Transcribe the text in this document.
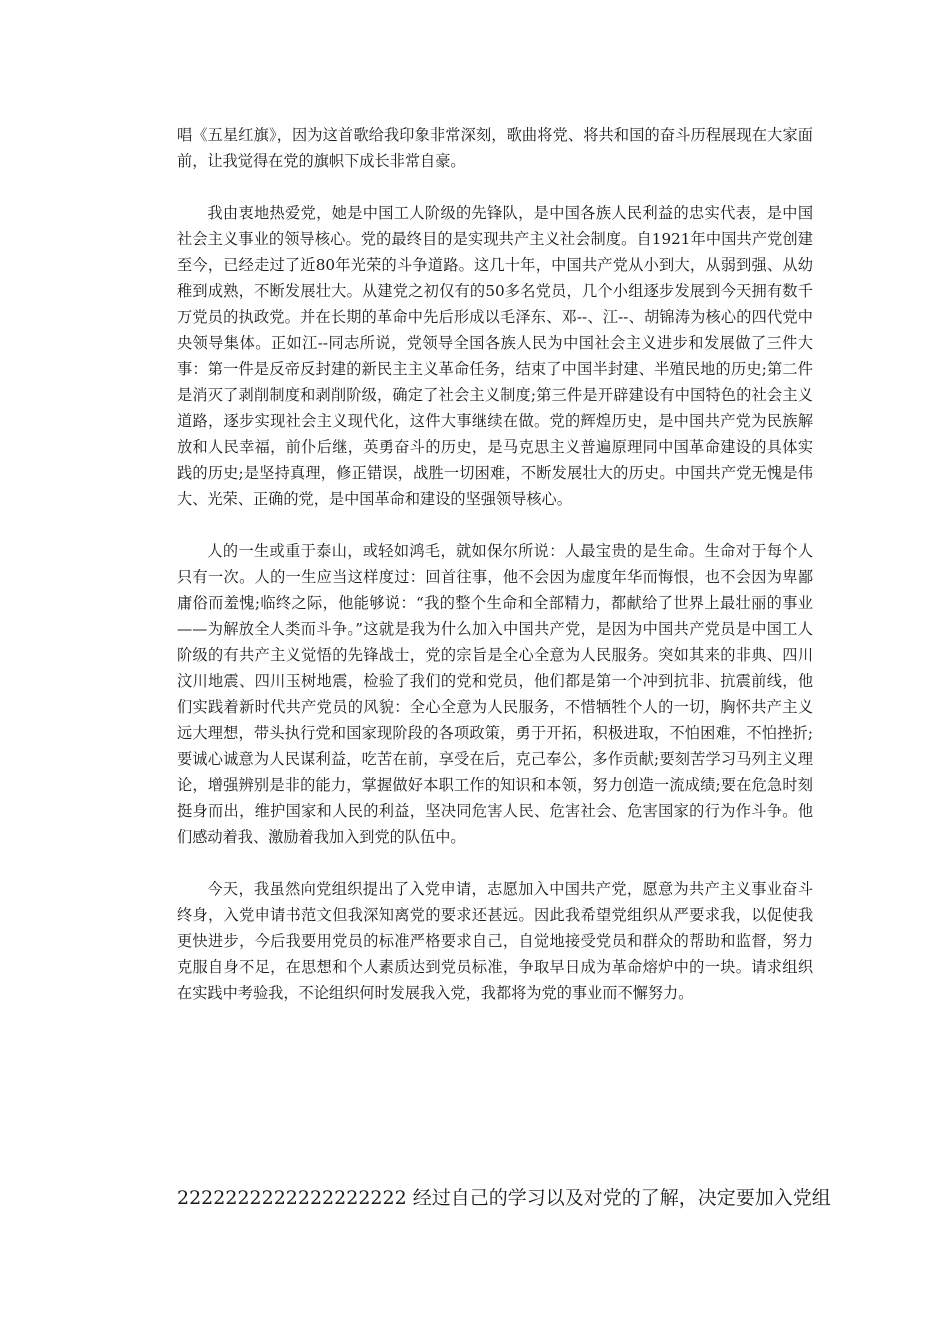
唱《五星红旗》，因为这首歌给我印象非常深刻，歌曲将党、将共和国的奋斗历程展现在大家面前，让我觉得在党的旗帜下成长非常自豪。

我由衷地热爱党，她是中国工人阶级的先锋队，是中国各族人民利益的忠实代表，是中国社会主义事业的领导核心。党的最终目的是实现共产主义社会制度。自1921年中国共产党创建至今，已经走过了近80年光荣的斗争道路。这几十年，中国共产党从小到大，从弱到强、从幼稚到成熟，不断发展壮大。从建党之初仅有的50多名党员，几个小组逐步发展到今天拥有数千万党员的执政党。并在长期的革命中先后形成以毛泽东、邓--、江--、胡锦涛为核心的四代党中央领导集体。正如江--同志所说，党领导全国各族人民为中国社会主义进步和发展做了三件大事：第一件是反帝反封建的新民主主义革命任务，结束了中国半封建、半殖民地的历史;第二件是消灭了剥削制度和剥削阶级，确定了社会主义制度;第三件是开辟建设有中国特色的社会主义道路，逐步实现社会主义现代化，这件大事继续在做。党的辉煌历史，是中国共产党为民族解放和人民幸福，前仆后继，英勇奋斗的历史，是马克思主义普遍原理同中国革命建设的具体实践的历史;是坚持真理，修正错误，战胜一切困难，不断发展壮大的历史。中国共产党无愧是伟大、光荣、正确的党，是中国革命和建设的坚强领导核心。

人的一生或重于泰山，或轻如鸿毛，就如保尔所说：人最宝贵的是生命。生命对于每个人只有一次。人的一生应当这样度过：回首往事，他不会因为虚度年华而悔恨，也不会因为卑鄙庸俗而羞愧;临终之际，他能够说：“我的整个生命和全部精力，都献给了世界上最壮丽的事业——为解放全人类而斗争。”这就是我为什么加入中国共产党，是因为中国共产党员是中国工人阶级的有共产主义觉悟的先锋战士，党的宗旨是全心全意为人民服务。突如其来的非典、四川汶川地震、四川玉树地震，检验了我们的党和党员，他们都是第一个冲到抗非、抗震前线，他们实践着新时代共产党员的风貌：全心全意为人民服务，不惜牺牲个人的一切，胸怀共产主义远大理想，带头执行党和国家现阶段的各项政策，勇于开拓，积极进取，不怕困难，不怕挫折;要诚心诚意为人民谋利益，吃苦在前，享受在后，克己奉公，多作贡献;要刻苦学习马列主义理论，增强辨别是非的能力，掌握做好本职工作的知识和本领，努力创造一流成绩;要在危急时刻挺身而出，维护国家和人民的利益，坚决同危害人民、危害社会、危害国家的行为作斗争。他们感动着我、激励着我加入到党的队伍中。

今天，我虽然向党组织提出了入党申请，志愿加入中国共产党，愿意为共产主义事业奋斗终身，入党申请书范文但我深知离党的要求还甚远。因此我希望党组织从严要求我，以促使我更快进步，今后我要用党员的标准严格要求自己，自觉地接受党员和群众的帮助和监督，努力克服自身不足，在思想和个人素质达到党员标准，争取早日成为革命熔炉中的一块。请求组织在实践中考验我，不论组织何时发展我入党，我都将为党的事业而不懈努力。

2222222222222222222 经过自己的学习以及对党的了解，决定要加入党组
